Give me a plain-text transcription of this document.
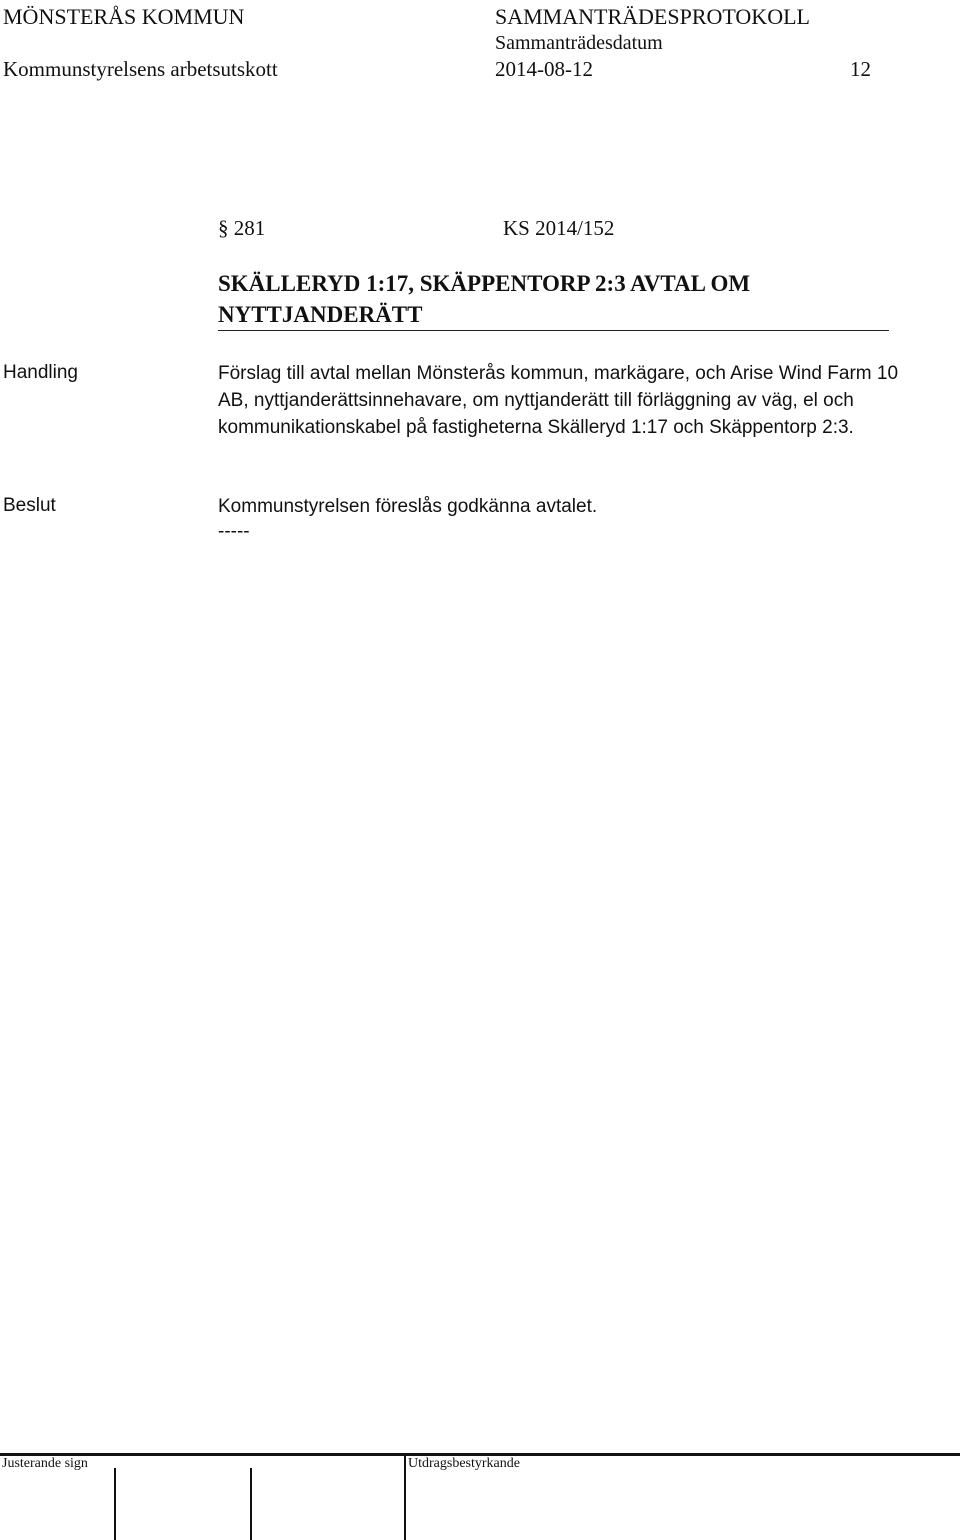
MÖNSTERÅS KOMMUN	SAMMANTRÄDESPROTOKOLL
Sammanträdesdatum
Kommunstyrelsens arbetsutskott	2014-08-12	12
§ 281	KS 2014/152
SKÄLLERYD 1:17, SKÄPPENTORP 2:3 AVTAL OM NYTTJANDERÄTT
Handling	Förslag till avtal mellan Mönsterås kommun, markägare, och Arise Wind Farm 10 AB, nyttjanderättsinnehavare, om nyttjanderätt till förläggning av väg, el och kommunikationskabel på fastigheterna Skälleryd 1:17 och Skäppentorp 2:3.
Beslut	Kommunstyrelsen föreslås godkänna avtalet.
-----
Justerande sign	Utdragsbestyrkande
